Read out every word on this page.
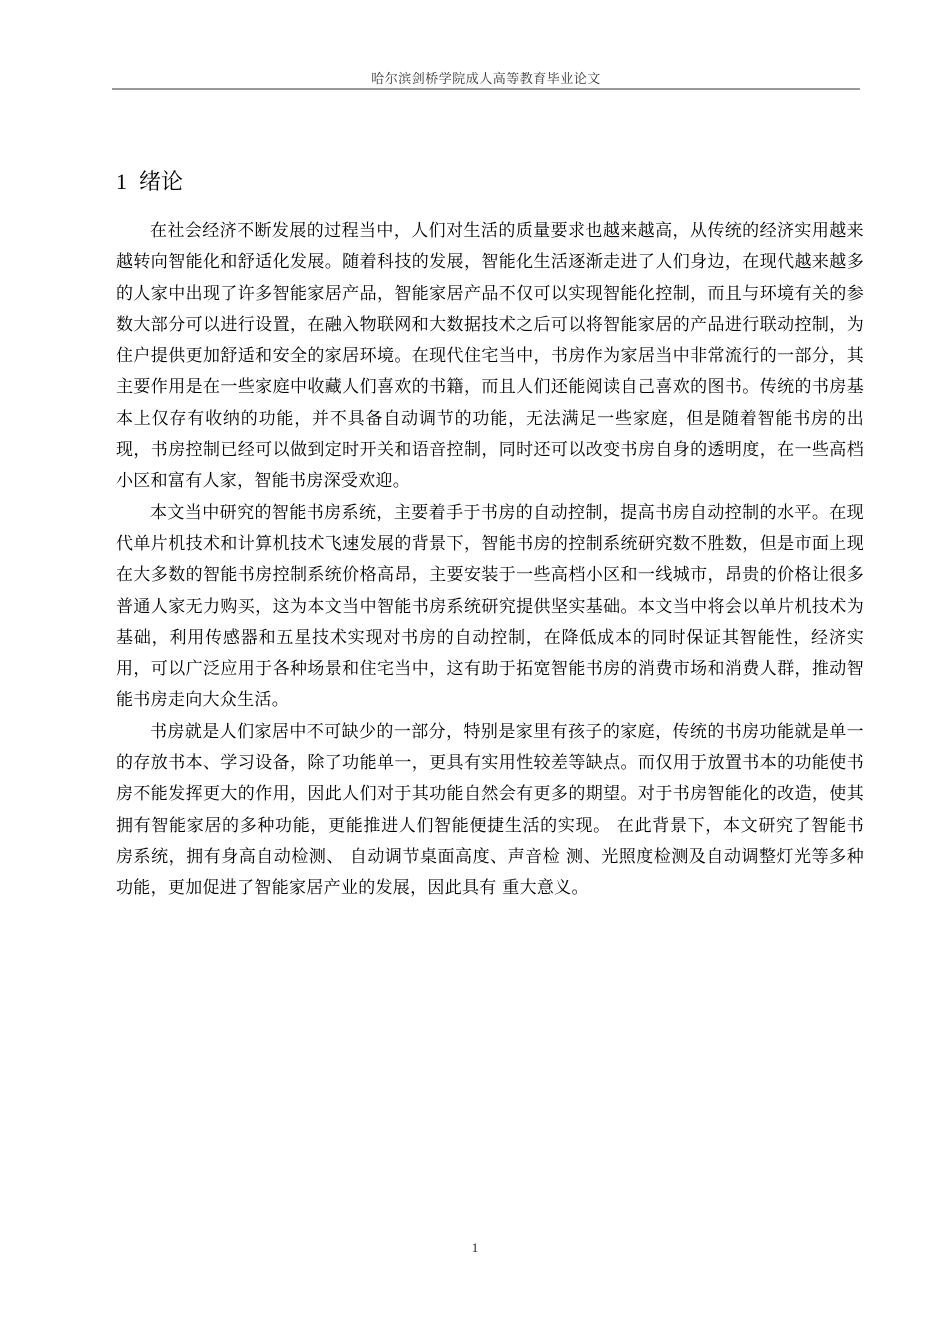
哈尔滨剑桥学院成人高等教育毕业论文
1 绪论

在社会经济不断发展的过程当中，人们对生活的质量要求也越来越高，从传统的经济实用越来越转向智能化和舒适化发展。随着科技的发展，智能化生活逐渐走进了人们身边，在现代越来越多的人家中出现了许多智能家居产品，智能家居产品不仅可以实现智能化控制，而且与环境有关的参数大部分可以进行设置，在融入物联网和大数据技术之后可以将智能家居的产品进行联动控制，为住户提供更加舒适和安全的家居环境。在现代住宅当中，书房作为家居当中非常流行的一部分，其主要作用是在一些家庭中收藏人们喜欢的书籍，而且人们还能阅读自己喜欢的图书。传统的书房基本上仅存有收纳的功能，并不具备自动调节的功能，无法满足一些家庭，但是随着智能书房的出现，书房控制已经可以做到定时开关和语音控制，同时还可以改变书房自身的透明度，在一些高档小区和富有人家，智能书房深受欢迎。

本文当中研究的智能书房系统，主要着手于书房的自动控制，提高书房自动控制的水平。在现代单片机技术和计算机技术飞速发展的背景下，智能书房的控制系统研究数不胜数，但是市面上现在大多数的智能书房控制系统价格高昂，主要安装于一些高档小区和一线城市，昂贵的价格让很多普通人家无力购买，这为本文当中智能书房系统研究提供坚实基础。本文当中将会以单片机技术为基础，利用传感器和五星技术实现对书房的自动控制，在降低成本的同时保证其智能性，经济实用，可以广泛应用于各种场景和住宅当中，这有助于拓宽智能书房的消费市场和消费人群，推动智能书房走向大众生活。

书房就是人们家居中不可缺少的一部分，特别是家里有孩子的家庭，传统的书房功能就是单一的存放书本、学习设备，除了功能单一，更具有实用性较差等缺点。而仅用于放置书本的功能使书房不能发挥更大的作用，因此人们对于其功能自然会有更多的期望。对于书房智能化的改造，使其拥有智能家居的多种功能，更能推进人们智能便捷生活的实现。 在此背景下，本文研究了智能书房系统，拥有身高自动检测、 自动调节桌面高度、声音检 测、光照度检测及自动调整灯光等多种功能，更加促进了智能家居产业的发展，因此具有 重大意义。

1
